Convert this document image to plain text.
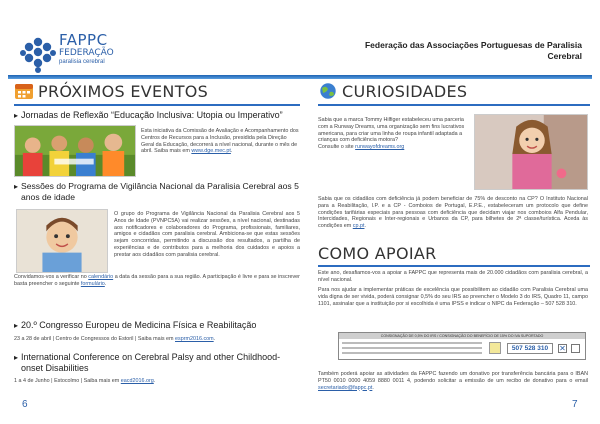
FAPPC
FEDERAÇÃO
paralisia cerebral
Federação das Associações Portuguesas de Paralisia Cerebral
PRÓXIMOS EVENTOS
▸ Jornadas de Reflexão “Educação Inclusiva: Utopia ou Imperativo”
Esta iniciativa da Comissão de Avaliação e Acompanhamento dos Centros de Recursos para a Inclusão, presidida pela Direção Geral da Educação, decorrerá a nível nacional, durante o mês de abril. Saiba mais em www.dge.mec.pt.
▸ Sessões do Programa de Vigilância Nacional da Paralisia Cerebral aos 5 anos de idade
O grupo do Programa de Vigilância Nacional da Paralisia Cerebral aos 5 Anos de Idade (PVNPC5A) vai realizar sessões, a nível nacional, destinadas aos notificadores e colaboradores do Programa, profissionais, familiares, amigos e cidadãos com paralisia cerebral. Ambiciona-se que estas sessões sejam concorridas, permitindo a discussão dos resultados, a partilha de experiências e de contributos para a melhoria dos cuidados e apoios a prestar aos cidadãos com paralisia cerebral.
Convidamos-vos a verificar no calendário a data da sessão para a sua região. A participação é livre e para se inscrever basta preencher o seguinte formulário.
▸ 20.º Congresso Europeu de Medicina Física e Reabilitação
23 a 28 de abril | Centro de Congressos do Estoril | Saiba mais em esprm2016.com.
▸ International Conference on Cerebral Palsy and other Childhood-onset Disabilities
1 a 4 de Junho | Estocolmo | Saiba mais em eacd2016.org.
6
CURIOSIDADES
Sabia que a marca Tommy Hilfiger estabeleceu uma parceria com a Runway Dreams, uma organização sem fins lucrativos americana, para criar uma linha de roupa infantil adaptada a crianças com deficiência motora?
Consulte o site runwayofdreams.org
Sabia que os cidadãos com deficiência já podem beneficiar de 75% de desconto na CP? O Instituto Nacional para a Reabilitação, I.P. e a CP - Comboios de Portugal, E.P.E., estabeleceram um protocolo que define condições tarifárias especiais para pessoas com deficiência que decidam viajar nos comboios Alfa Pendular, Intercidades, Regionais e Inter-regionais e Urbanos da CP, para bilhetes de 2ª classe/turística. Aceda às condições em cp.pt.
COMO APOIAR
Este ano, desafiamos-vos a apoiar a FAPPC que representa mais de 20.000 cidadãos com paralisia cerebral, a nível nacional.
Para nos ajudar a implementar práticas de excelência que possibilitem ao cidadão com Paralisia Cerebral uma vida digna de ser vivida, poderá consignar 0,5% do seu IRS ao preencher o Modelo 3 do IRS, Quadro 11, campo 1101, assinalar que a instituição por si escolhida é uma IPSS e indicar o NIPC da Federação – 507 528 310.
CONSIGNAÇÃO DE 0,5% DO IRS / CONSIGNAÇÃO DO BENEFÍCIO DE 15% DO IVA SUPORTADO
507 528 310	✕
Também poderá apoiar as atividades da FAPPC fazendo um donativo por transferência bancária para o IBAN PT50 0010 0000 4059 8880 0011 4, podendo solicitar a emissão de um recibo de donativo para o email secretariado@fappc.pt.
7
